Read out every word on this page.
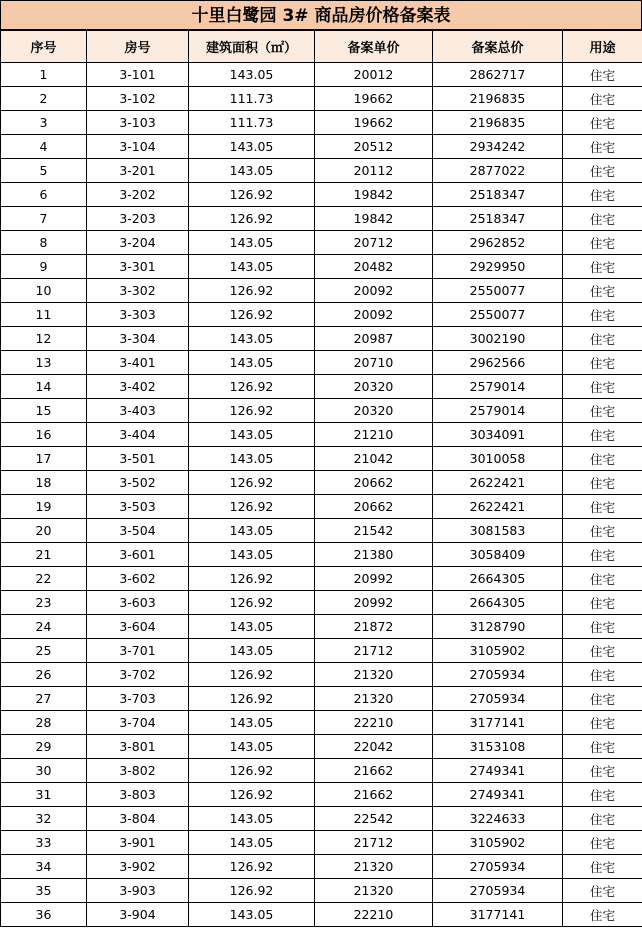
十里白鹭园 3# 商品房价格备案表
序号	房号	建筑面积（㎡）	备案单价	备案总价	用途
1	3-101	143.05	20012	2862717	住宅
2	3-102	111.73	19662	2196835	住宅
3	3-103	111.73	19662	2196835	住宅
4	3-104	143.05	20512	2934242	住宅
5	3-201	143.05	20112	2877022	住宅
6	3-202	126.92	19842	2518347	住宅
7	3-203	126.92	19842	2518347	住宅
8	3-204	143.05	20712	2962852	住宅
9	3-301	143.05	20482	2929950	住宅
10	3-302	126.92	20092	2550077	住宅
11	3-303	126.92	20092	2550077	住宅
12	3-304	143.05	20987	3002190	住宅
13	3-401	143.05	20710	2962566	住宅
14	3-402	126.92	20320	2579014	住宅
15	3-403	126.92	20320	2579014	住宅
16	3-404	143.05	21210	3034091	住宅
17	3-501	143.05	21042	3010058	住宅
18	3-502	126.92	20662	2622421	住宅
19	3-503	126.92	20662	2622421	住宅
20	3-504	143.05	21542	3081583	住宅
21	3-601	143.05	21380	3058409	住宅
22	3-602	126.92	20992	2664305	住宅
23	3-603	126.92	20992	2664305	住宅
24	3-604	143.05	21872	3128790	住宅
25	3-701	143.05	21712	3105902	住宅
26	3-702	126.92	21320	2705934	住宅
27	3-703	126.92	21320	2705934	住宅
28	3-704	143.05	22210	3177141	住宅
29	3-801	143.05	22042	3153108	住宅
30	3-802	126.92	21662	2749341	住宅
31	3-803	126.92	21662	2749341	住宅
32	3-804	143.05	22542	3224633	住宅
33	3-901	143.05	21712	3105902	住宅
34	3-902	126.92	21320	2705934	住宅
35	3-903	126.92	21320	2705934	住宅
36	3-904	143.05	22210	3177141	住宅
